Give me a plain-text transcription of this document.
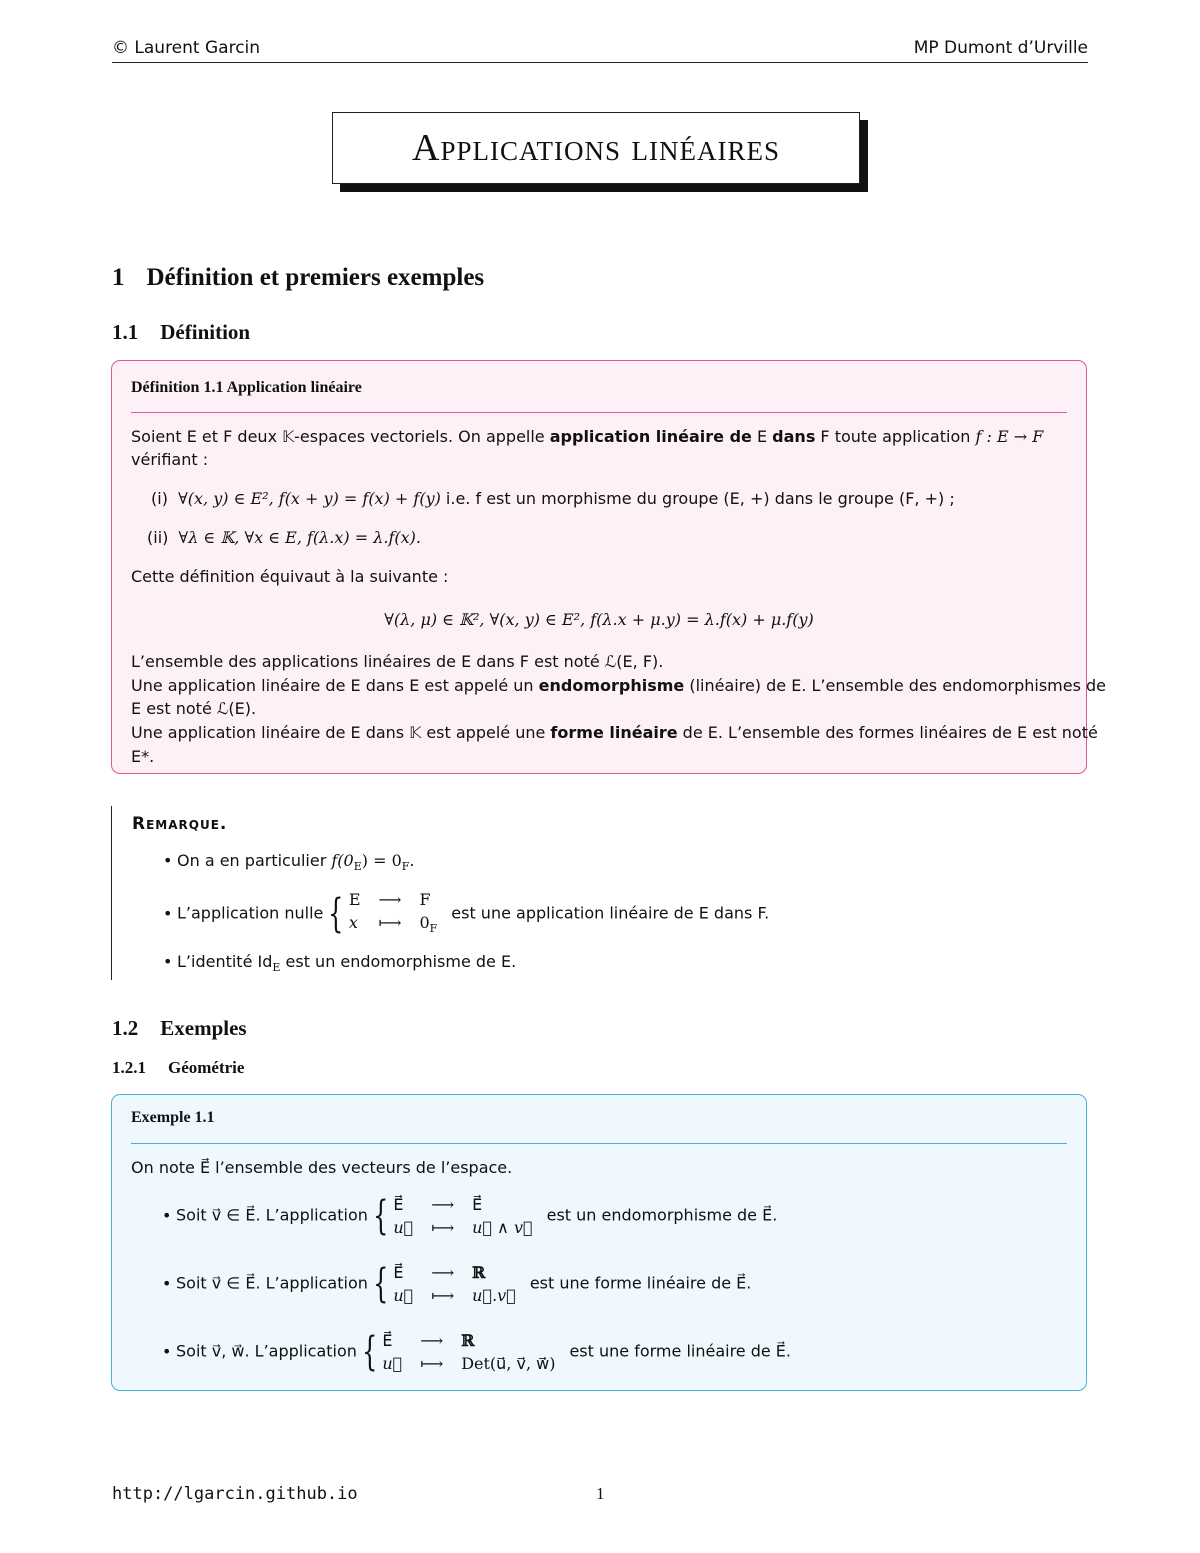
© Laurent Garcin	MP Dumont d’Urville
Applications linéaires
1 Définition et premiers exemples
1.1 Définition
Définition 1.1 Application linéaire
Soient E et F deux 𝕂-espaces vectoriels. On appelle application linéaire de E dans F toute application f : E → F
vérifiant :
(i) ∀(x, y) ∈ E², f(x + y) = f(x) + f(y) i.e. f est un morphisme du groupe (E, +) dans le groupe (F, +) ;
(ii) ∀λ ∈ 𝕂, ∀x ∈ E, f(λ.x) = λ.f(x).
Cette définition équivaut à la suivante :
∀(λ, μ) ∈ 𝕂², ∀(x, y) ∈ E², f(λ.x + μ.y) = λ.f(x) + μ.f(y)
L’ensemble des applications linéaires de E dans F est noté ℒ(E, F).
Une application linéaire de E dans E est appelé un endomorphisme (linéaire) de E. L’ensemble des endomorphismes de
E est noté ℒ(E).
Une application linéaire de E dans 𝕂 est appelé une forme linéaire de E. L’ensemble des formes linéaires de E est noté
E*.
Remarque.
• On a en particulier $f(0_E) = 0_F$.
• L’application nulle { E ⟶ F
x ⟼ $0_F$
est une application linéaire de E dans F.
• L’identité $Id_E$ est un endomorphisme de E.
1.2 Exemples
1.2.1 Géométrie
Exemple 1.1
On note E⃗ l’ensemble des vecteurs de l’espace.
• Soit v⃗ ∈ E⃗. L’application { E⃗	⟶ E⃗
u⃗ ⟼ u⃗ ∧ v⃗
est un endomorphisme de E⃗.
• Soit v⃗ ∈ E⃗. L’application { E⃗	⟶ ℝ
u⃗ ⟼ u⃗.v⃗
est une forme linéaire de E⃗.
• Soit v⃗, w⃗. L’application { E⃗	⟶ ℝ
u⃗ ⟼ Det(u⃗, v⃗, w⃗)
est une forme linéaire de E⃗.
http://lgarcin.github.io	1
